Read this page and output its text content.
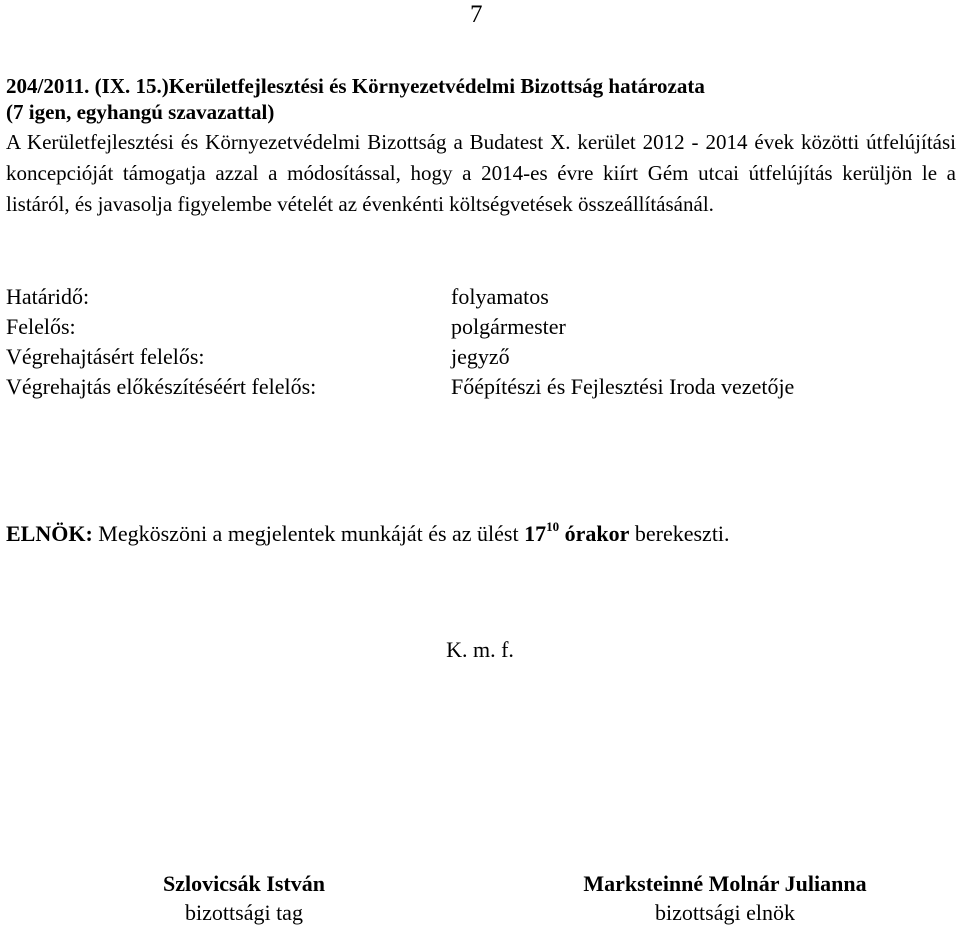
7
204/2011. (IX. 15.)Kerületfejlesztési és Környezetvédelmi Bizottság határozata
(7 igen, egyhangú szavazattal)
A Kerületfejlesztési és Környezetvédelmi Bizottság a Budatest X. kerület 2012 - 2014 évek közötti útfelújítási koncepcióját támogatja azzal a módosítással, hogy a 2014-es évre kiírt Gém utcai útfelújítás kerüljön le a listáról, és javasolja figyelembe vételét az évenkénti költségvetések összeállításánál.
Határidő:	folyamatos
Felelős:	polgármester
Végrehajtásért felelős:	jegyző
Végrehajtás előkészítéséért felelős:	Főépítészi és Fejlesztési Iroda vezetője
ELNÖK: Megköszöni a megjelentek munkáját és az ülést $17^{10}$ órakor berekeszti.
K. m. f.
Szlovicsák István
bizottsági tag
Marksteinné Molnár Julianna
bizottsági elnök
